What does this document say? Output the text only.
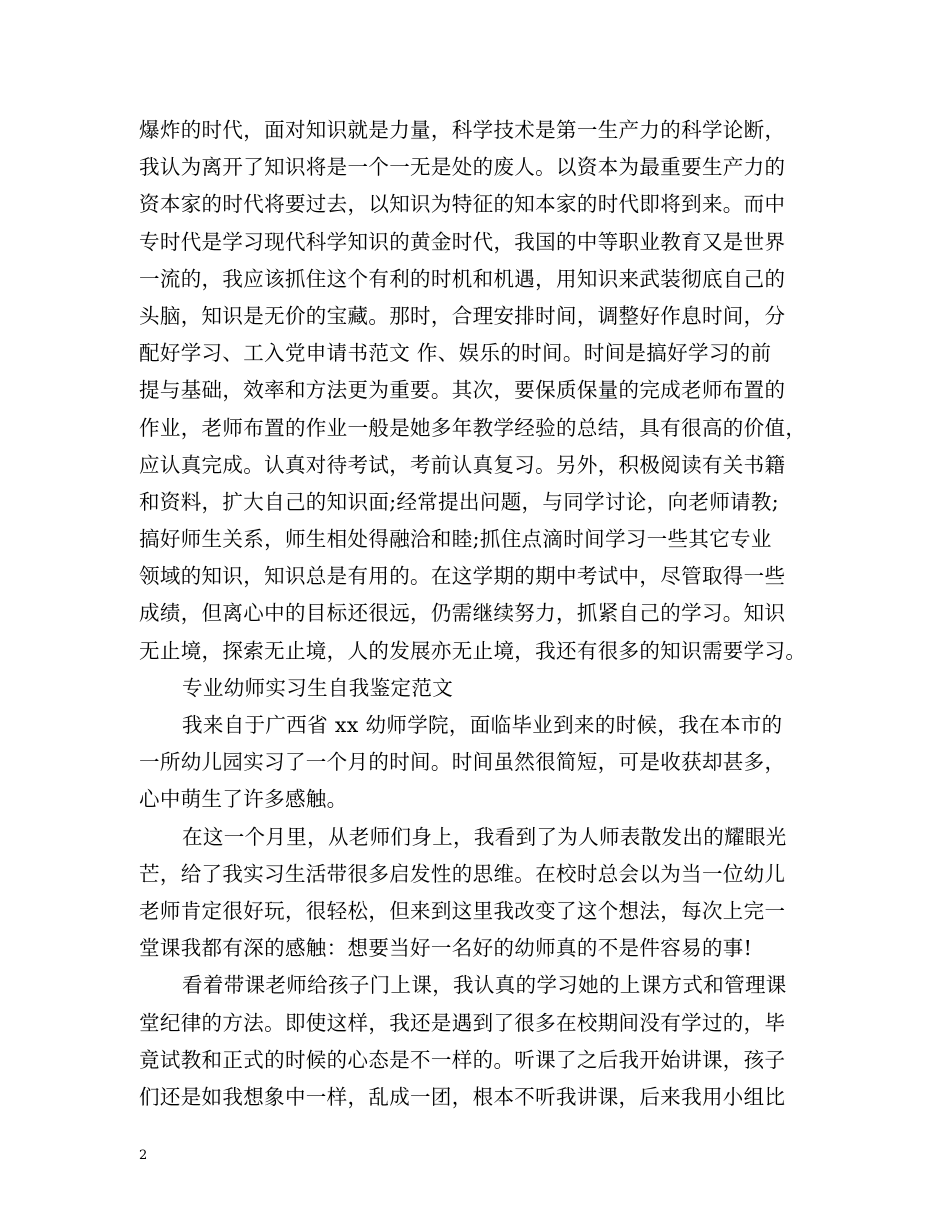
爆炸的时代，面对知识就是力量，科学技术是第一生产力的科学论断，
我认为离开了知识将是一个一无是处的废人。以资本为最重要生产力的
资本家的时代将要过去，以知识为特征的知本家的时代即将到来。而中
专时代是学习现代科学知识的黄金时代，我国的中等职业教育又是世界
一流的，我应该抓住这个有利的时机和机遇，用知识来武装彻底自己的
头脑，知识是无价的宝藏。那时，合理安排时间，调整好作息时间，分
配好学习、工入党申请书范文 作、娱乐的时间。时间是搞好学习的前
提与基础，效率和方法更为重要。其次，要保质保量的完成老师布置的
作业，老师布置的作业一般是她多年教学经验的总结，具有很高的价值，
应认真完成。认真对待考试，考前认真复习。另外，积极阅读有关书籍
和资料，扩大自己的知识面;经常提出问题，与同学讨论，向老师请教;
搞好师生关系，师生相处得融洽和睦;抓住点滴时间学习一些其它专业
领域的知识，知识总是有用的。在这学期的期中考试中，尽管取得一些
成绩，但离心中的目标还很远，仍需继续努力，抓紧自己的学习。知识
无止境，探索无止境，人的发展亦无止境，我还有很多的知识需要学习。
专业幼师实习生自我鉴定范文
我来自于广西省 xx 幼师学院，面临毕业到来的时候，我在本市的
一所幼儿园实习了一个月的时间。时间虽然很简短，可是收获却甚多，
心中萌生了许多感触。
在这一个月里，从老师们身上，我看到了为人师表散发出的耀眼光
芒，给了我实习生活带很多启发性的思维。在校时总会以为当一位幼儿
老师肯定很好玩，很轻松，但来到这里我改变了这个想法，每次上完一
堂课我都有深的感触：想要当好一名好的幼师真的不是件容易的事!
看着带课老师给孩子门上课，我认真的学习她的上课方式和管理课
堂纪律的方法。即使这样，我还是遇到了很多在校期间没有学过的，毕
竟试教和正式的时候的心态是不一样的。听课了之后我开始讲课，孩子
们还是如我想象中一样，乱成一团，根本不听我讲课，后来我用小组比
2
